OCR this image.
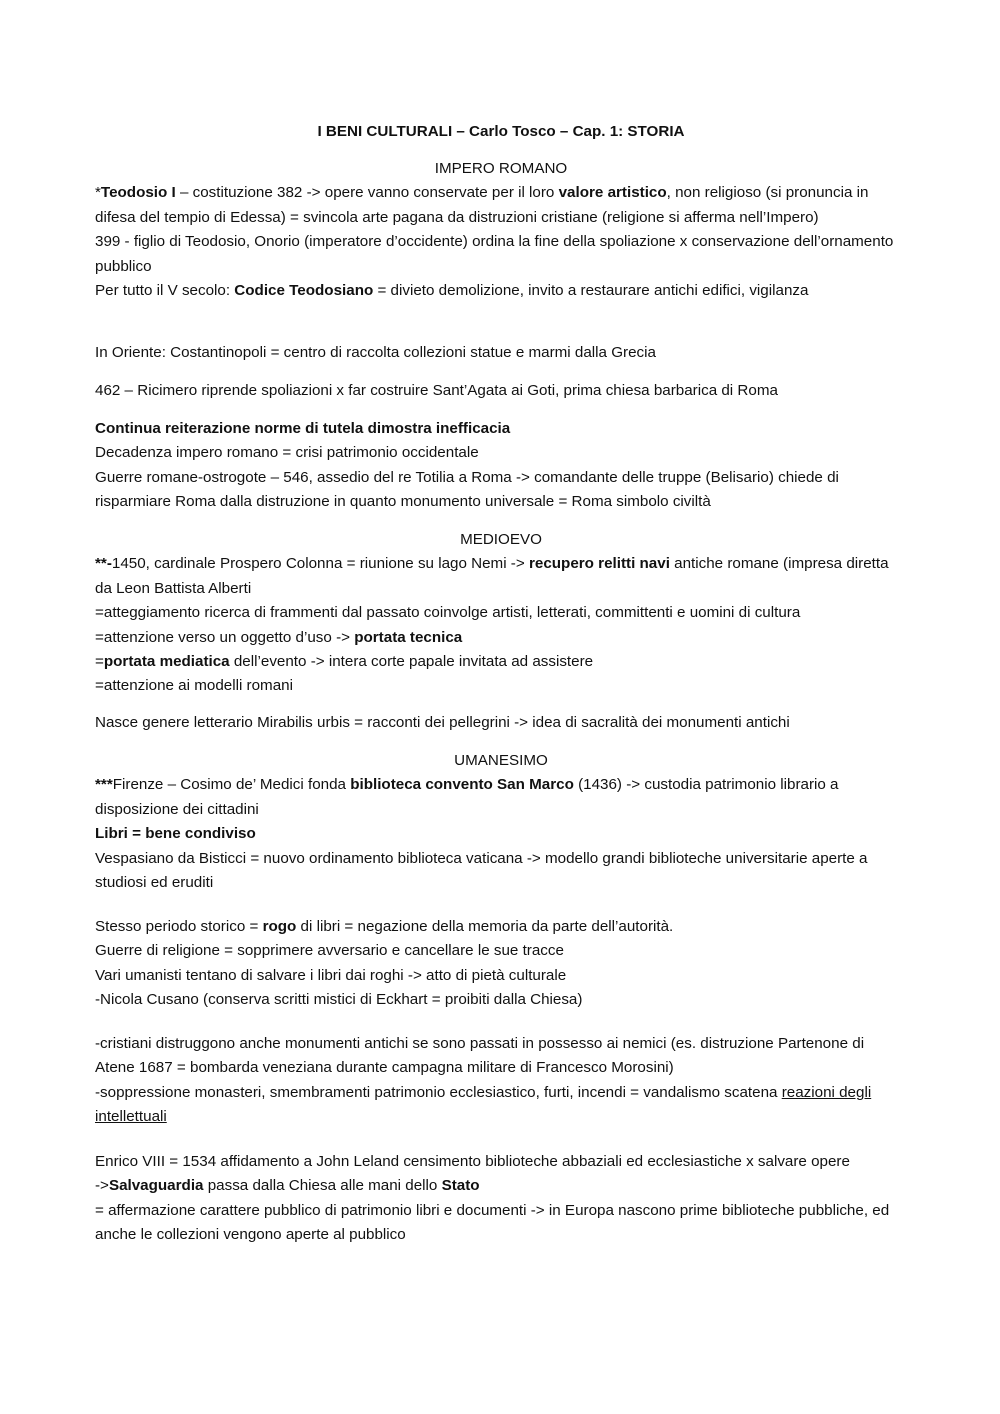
I BENI CULTURALI – Carlo Tosco – Cap. 1: STORIA

IMPERO ROMANO

*Teodosio I – costituzione 382 -> opere vanno conservate per il loro valore artistico, non religioso (si pronuncia in difesa del tempio di Edessa) = svincola arte pagana da distruzioni cristiane (religione si afferma nell’Impero)

399 - figlio di Teodosio, Onorio (imperatore d’occidente) ordina la fine della spoliazione x conservazione dell’ornamento pubblico

Per tutto il V secolo: Codice Teodosiano = divieto demolizione, invito a restaurare antichi edifici, vigilanza

In Oriente: Costantinopoli = centro di raccolta collezioni statue e marmi dalla Grecia
462 – Ricimero riprende spoliazioni x far costruire Sant’Agata ai Goti, prima chiesa barbarica di Roma

Continua reiterazione norme di tutela dimostra inefficacia

Decadenza impero romano = crisi patrimonio occidentale

Guerre romane-ostrogote – 546, assedio del re Totilia a Roma -> comandante delle truppe (Belisario) chiede di risparmiare Roma dalla distruzione in quanto monumento universale = Roma simbolo civiltà

MEDIOEVO

**-1450, cardinale Prospero Colonna = riunione su lago Nemi -> recupero relitti navi antiche romane (impresa diretta da Leon Battista Alberti

=atteggiamento ricerca di frammenti dal passato coinvolge artisti, letterati, committenti e uomini di cultura

=attenzione verso un oggetto d’uso -> portata tecnica

=portata mediatica dell’evento -> intera corte papale invitata ad assistere

=attenzione ai modelli romani

Nasce genere letterario Mirabilis urbis = racconti dei pellegrini -> idea di sacralità dei monumenti antichi

UMANESIMO

***Firenze – Cosimo de’ Medici fonda biblioteca convento San Marco (1436) -> custodia patrimonio librario a disposizione dei cittadini

Libri = bene condiviso

Vespasiano da Bisticci = nuovo ordinamento biblioteca vaticana -> modello grandi biblioteche universitarie aperte a studiosi ed eruditi

Stesso periodo storico = rogo di libri = negazione della memoria da parte dell’autorità.

Guerre di religione = sopprimere avversario e cancellare le sue tracce

Vari umanisti tentano di salvare i libri dai roghi -> atto di pietà culturale

-Nicola Cusano (conserva scritti mistici di Eckhart = proibiti dalla Chiesa)

-cristiani distruggono anche monumenti antichi se sono passati in possesso ai nemici (es. distruzione Partenone di Atene 1687 = bombarda veneziana durante campagna militare di Francesco Morosini)

-soppressione monasteri, smembramenti patrimonio ecclesiastico, furti, incendi = vandalismo scatena reazioni degli intellettuali

Enrico VIII = 1534 affidamento a John Leland censimento biblioteche abbaziali ed ecclesiastiche x salvare opere

->Salvaguardia passa dalla Chiesa alle mani dello Stato

= affermazione carattere pubblico di patrimonio libri e documenti -> in Europa nascono prime biblioteche pubbliche, ed anche le collezioni vengono aperte al pubblico
